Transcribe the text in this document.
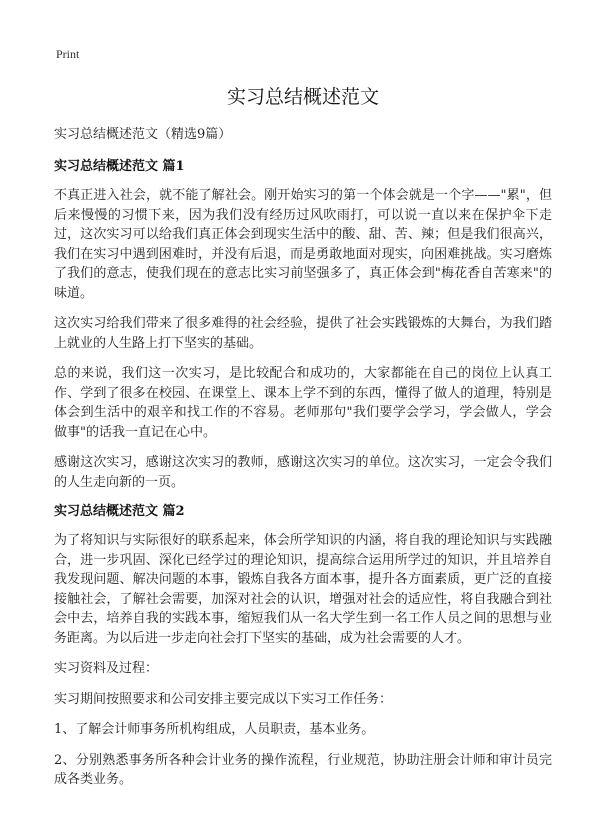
Print
实习总结概述范文

实习总结概述范文（精选9篇）

实习总结概述范文 篇1

不真正进入社会，就不能了解社会。刚开始实习的第一个体会就是一个字——"累"，但后来慢慢的习惯下来，因为我们没有经历过风吹雨打，可以说一直以来在保护伞下走过，这次实习可以给我们真正体会到现实生活中的酸、甜、苦、辣；但是我们很高兴，我们在实习中遇到困难时，并没有后退，而是勇敢地面对现实，向困难挑战。实习磨炼了我们的意志，使我们现在的意志比实习前坚强多了，真正体会到"梅花香自苦寒来"的味道。

这次实习给我们带来了很多难得的社会经验，提供了社会实践锻炼的大舞台，为我们踏上就业的人生路上打下坚实的基础。

总的来说，我们这一次实习，是比较配合和成功的，大家都能在自己的岗位上认真工作、学到了很多在校园、在课堂上、课本上学不到的东西，懂得了做人的道理，特别是体会到生活中的艰辛和找工作的不容易。老师那句"我们要学会学习，学会做人，学会做事"的话我一直记在心中。

感谢这次实习，感谢这次实习的教师，感谢这次实习的单位。这次实习，一定会令我们的人生走向新的一页。

实习总结概述范文 篇2

为了将知识与实际很好的联系起来，体会所学知识的内涵，将自我的理论知识与实践融合，进一步巩固、深化已经学过的理论知识，提高综合运用所学过的知识，并且培养自我发现问题、解决问题的本事，锻炼自我各方面本事，提升各方面素质，更广泛的直接接触社会，了解社会需要，加深对社会的认识，增强对社会的适应性，将自我融合到社会中去，培养自我的实践本事，缩短我们从一名大学生到一名工作人员之间的思想与业务距离。为以后进一步走向社会打下坚实的基础，成为社会需要的人才。

实习资料及过程：

实习期间按照要求和公司安排主要完成以下实习工作任务：

1、了解会计师事务所机构组成，人员职责，基本业务。

2、分别熟悉事务所各种会计业务的操作流程，行业规范，协助注册会计师和审计员完成各类业务。
